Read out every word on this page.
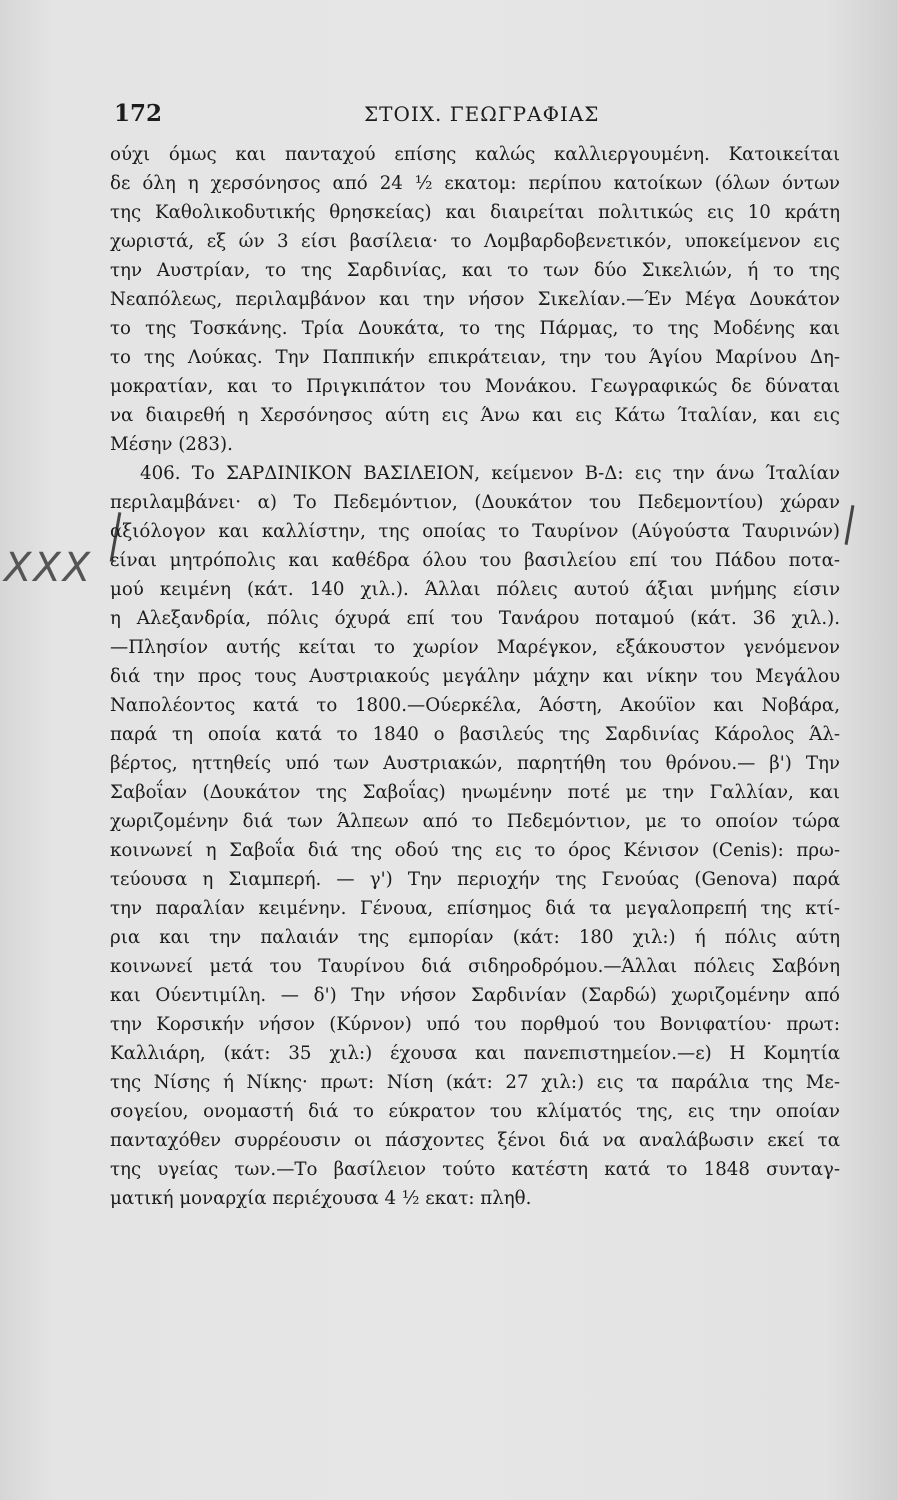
172	ΣΤΟΙΧ. ΓΕΩΓΡΑΦΙΑΣ
XXX
ούχι όμως και πανταχού επίσης καλώς καλλιεργουμένη. Κατοικείται
δε όλη η χερσόνησος από 24 ½ εκατομ: περίπου κατοίκων (όλων όντων
της Καθολικοδυτικής θρησκείας) και διαιρείται πολιτικώς εις 10 κράτη
χωριστά, εξ ών 3 είσι βασίλεια· το Λομβαρδοβενετικόν, υποκείμενον εις
την Αυστρίαν, το της Σαρδινίας, και το των δύο Σικελιών, ή το της
Νεαπόλεως, περιλαμβάνον και την νήσον Σικελίαν.—Έν Μέγα Δουκάτον
το της Τοσκάνης. Τρία Δουκάτα, το της Πάρμας, το της Μοδένης και
το της Λούκας. Την Παππικήν επικράτειαν, την του Άγίου Μαρίνου Δη-
μοκρατίαν, και το Πριγκιπάτον του Μονάκου. Γεωγραφικώς δε δύναται
να διαιρεθή η Χερσόνησος αύτη εις Άνω και εις Κάτω Ίταλίαν, και εις
Μέσην (283).
406. Το ΣΑΡΔΙΝΙΚΟΝ ΒΑΣΙΛΕΙΟΝ, κείμενον Β-Δ: εις την άνω Ίταλίαν
περιλαμβάνει· α) Το Πεδεμόντιον, (Δουκάτον του Πεδεμοντίου) χώραν
αξιόλογον και καλλίστην, της οποίας το Ταυρίνον (Αύγούστα Ταυρινών)
είναι μητρόπολις και καθέδρα όλου του βασιλείου επί του Πάδου ποτα-
μού κειμένη (κάτ. 140 χιλ.). Άλλαι πόλεις αυτού άξιαι μνήμης είσιν
η Αλεξανδρία, πόλις όχυρά επί του Τανάρου ποταμού (κάτ. 36 χιλ.).
—Πλησίον αυτής κείται το χωρίον Μαρέγκον, εξάκουστον γενόμενον
διά την προς τους Αυστριακούς μεγάλην μάχην και νίκην του Μεγάλου
Ναπολέοντος κατά το 1800.—Ούερκέλα, Άόστη, Ακούϊον και Νοβάρα,
παρά τη οποία κατά το 1840 ο βασιλεύς της Σαρδινίας Κάρολος Άλ-
βέρτος, ηττηθείς υπό των Αυστριακών, παρητήθη του θρόνου.— β') Την
Σαβοΐαν (Δουκάτον της Σαβοΐας) ηνωμένην ποτέ με την Γαλλίαν, και
χωριζομένην διά των Άλπεων από το Πεδεμόντιον, με το οποίον τώρα
κοινωνεί η Σαβοΐα διά της οδού της εις το όρος Κένισον (Cenis): πρω-
τεύουσα η Σιαμπερή. — γ') Την περιοχήν της Γενούας (Genova) παρά
την παραλίαν κειμένην. Γένουα, επίσημος διά τα μεγαλοπρεπή της κτί-
ρια και την παλαιάν της εμπορίαν (κάτ: 180 χιλ:) ή πόλις αύτη
κοινωνεί μετά του Ταυρίνου διά σιδηροδρόμου.—Άλλαι πόλεις Σαβόνη
και Ούεντιμίλη. — δ') Την νήσον Σαρδινίαν (Σαρδώ) χωριζομένην από
την Κορσικήν νήσον (Κύρνον) υπό του πορθμού του Βονιφατίου· πρωτ:
Καλλιάρη, (κάτ: 35 χιλ:) έχουσα και πανεπιστημείον.—ε) Η Κομητία
της Νίσης ή Νίκης· πρωτ: Νίση (κάτ: 27 χιλ:) εις τα παράλια της Με-
σογείου, ονομαστή διά το εύκρατον του κλίματός της, εις την οποίαν
πανταχόθεν συρρέουσιν οι πάσχοντες ξένοι διά να αναλάβωσιν εκεί τα
της υγείας των.—Το βασίλειον τούτο κατέστη κατά το 1848 συνταγ-
ματική μοναρχία περιέχουσα 4 ½ εκατ: πληθ.
